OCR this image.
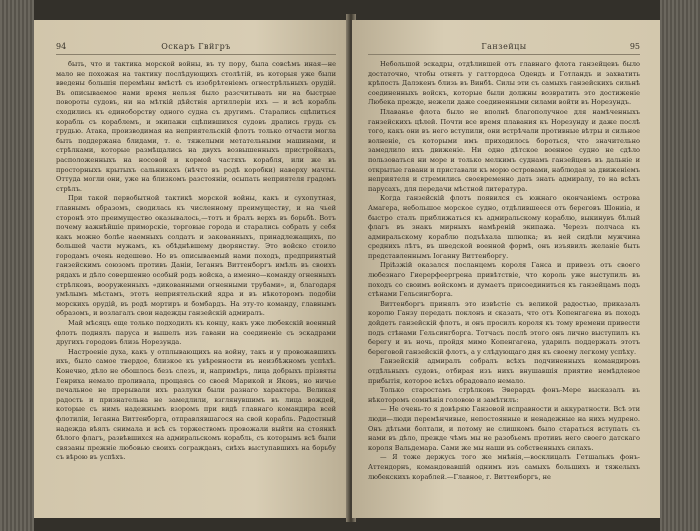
94	Оскаръ Гвйгръ

быть, что и тактика морской войны, въ ту пору, была совсѣмъ иная—не мало не похожая на тактику послѣдующихъ столѣтій, въ которыя уже были введены большія перемѣны вмѣстѣ съ изобрѣтеніемъ огнестрѣльныхъ орудій. Въ описываемое нами время нельзя было разсчитывать ни на быстрые повороты судовъ, ни на мѣткій дѣйствія артиллеріи ихъ — и всѣ корабль сходились къ единоборству одного судна съ другимъ. Старались сцѣпиться корабль съ кораблемъ, и экипажи сцѣпившихся судовъ дрались грудь съ грудью. Атака, производимая на неприятельскій флотъ только отчасти могла быть поддержана блидами, т. е. тяжелыми метательными машинами, и стрѣлками, которые размѣщались на двухъ возвышенныхъ пристройкахъ, расположенныхъ на носовой и кормой частяхъ корабля, или же въ просторныхъ крытыхъ сальникахъ (нѣчто въ родѣ коробки) наверху мачты. Оттуда могли они, уже на близкомъ разстояніи, осыпать неприятеля градомъ стрѣлъ.

При такой первобытной тактикѣ морской войны, какъ и сухопутная, главнымъ образомъ, сводилась къ численному преимуществу, и на чьей сторонѣ это преимущество оказывалось,—тотъ и бралъ верхъ въ борьбѣ. Вотъ почему важнѣйшіе приморскіе, торговые города и старались собрать у себя какъ можно болѣе наемныхъ солдатъ и закованныхъ, принадлежащихъ, по большей части мужамъ, къ обѣднѣвшему дворянству. Это войско стоило городамъ очень недешево. Но въ описываемый нами походъ, предпринятый ганзейскимъ союзомъ противъ Даніи, Іеганнъ Виттенборгъ имѣлъ въ своихъ рядахъ и дѣло совершенно особый родъ войска, а именно—команду огненныхъ стрѣлковъ, вооруженныхъ «дикованными огненными трубами», и, благодаря умѣлымъ мѣстамъ, этотъ неприятельский ядра и въ нѣкоторомъ подобіи морскихъ орудій, въ родѣ мортиръ и бомбардъ. На эту-то команду, главнымъ образомъ, и возлагалъ свои надежды ганзейскій адмиралъ.

Май мѣсяцъ еще только подходилъ къ концу, какъ уже любекскій военный флотъ поднялъ паруса и вышелъ изъ гавани на соединеніе съ эскадрами другихъ городовъ близь Норезунда.

Настроеніе духа, какъ у отплывающихъ на войну, такъ и у провожавшихъ ихъ, было самое твердое, близкое къ увѣренности въ неизбѣжномъ успѣхѣ. Конечно, дѣло не обошлось безъ слезъ, и, напримѣръ, лица добрыхъ прізвяты Генриха немало проливала, прощаясь со своей Марикой и Яковъ, но ничье печальное не прерывали ихъ разлуки были разнаго характера. Великая радость и признательна не замедлили, взглянувшимъ въ лица вождей, которые съ нимъ надежнымъ взоромъ при видѣ главнаго командира всей флотиліи, Іеганна Виттенборга, отправлявшагося на свой корабль. Радостный надежда вѣялъ снимала и всѣ съ торжествомъ провожали выйти на стоянкѣ бѣлого флагъ, развѣвшихся на адмиральскомъ корабль, съ которымъ всѣ были связаны прежніе любовью своихъ согражданъ, сиѣхъ выступавшихъ на борьбу съ вѣрою въ успѣхъ.

Ганзейцы	95

Небольшой эскадры, отдѣлившей отъ главнаго флота ганзейцевъ было достаточно, чтобы отнять у гаттордоса Одендъ и Готландъ и захватить крѣпость Далэкенъ близь въ Винбѣ. Силы эти съ самыхъ ганзейскихъ сильнѣ соединенныхъ войскъ, которые были должны возвратить это достиженіе Любека прежде, нежели даже соединенными силами войти въ Норезундъ.

Плаванье флота было не вполнѣ благополучное для намѣченныхъ ганзейскихъ цѣлей. Почти все время плавания къ Норезунду и даже послѣ того, какъ они въ него вступили, они встрѣчали противные вѣтры и сильное волненіе, съ которыми имъ приходилось бороться, что значительно замедлило ихъ движеніе. Ни одно дѣтское военное судно не сдѣло пользоваться ни море и только мелкимъ суднамъ ганзейцевъ въ дальніе и открытые гавани и приставали къ морю островами, наблюдая за движеніемъ неприятеля и стремились своевременно дать знать адмиралу, то на всѣхъ парусахъ, для передачи мѣстной литература.

Когда ганзейскій флотъ появился съ южнаго окончаніемъ острова Амагера, небольшое морское судно, отдѣлившееся отъ береговъ Шониіа, и быстро сталъ приближаться къ адмиральскому кораблю, выкинувъ бѣлый флагъ въ знакъ мирныхъ намѣреній экипажа. Черезъ полчаса къ адмиральскому кораблю подъѣхала шлюпка; въ ней сидѣли мужчина среднихъ лѣтъ, въ шведской военной формѣ, онъ изъявилъ желаніе быть представленнымъ Іоганну Виттенборгу.

Пріѣзжій оказался посланцемъ короля Ганса и привезъ отъ своего любезнаго Гиерерфеергрена привѣтствіе, что король уже выступилъ въ походъ со своимъ войскомъ и думаетъ присоединиться къ ганзейцамъ подъ стѣнами Гельсингборга.

Виттенборгъ принялъ это извѣстіе съ великой радостью, приказалъ королю Ганзу передать поклонъ и сказать, что отъ Копенгагена въ походъ дойдетъ ганзейскій флотъ, и онъ просилъ короля къ тому времени привести подъ стѣнами Гельсингборга. Тотчасъ послѣ этого онъ лично выступилъ къ берегу и въ ночь, пройдя мимо Копенгагена, ударилъ поддержать этотъ береговой ганзейскій флотъ, а у слѣдующаго дня къ своему легкому успѣху.

Ганзейскій адмиралъ собралъ всѣхъ подчиненныхъ командировъ отдѣльныхъ судовъ, отбирая изъ нихъ внушавшія приятие немѣдленое прибытія, которое всѣхъ обрадовало немало.

Только старостамъ стрѣлковъ Эверардъ фонъ-Мере высказалъ въ нѣкоторомъ сомнѣнія головою и замѣтилъ:

— Не очень-то я довѣряю Ганзовой исправности и аккуратности. Всѣ эти люди—люди перемѣнчивые, непостоянные и ненадежные на нихъ мудрено. Онъ дѣтьми болтали, и потому не слишкомъ было стараться вступать съ нами въ дѣло, прежде чѣмъ мы не разобьемъ противъ него своего датскаго короля Вальдемара. Сами же мы наши въ собственныхъ силахъ.

— Я тоже держусь того же мнѣнія,—восклицалъ Гетшалькъ фонъ-Аттендорнъ, командовавшій однимъ изъ самыхъ большихъ и тяжелыхъ любекскихъ кораблей.—Главное, г. Виттенборгъ, не
